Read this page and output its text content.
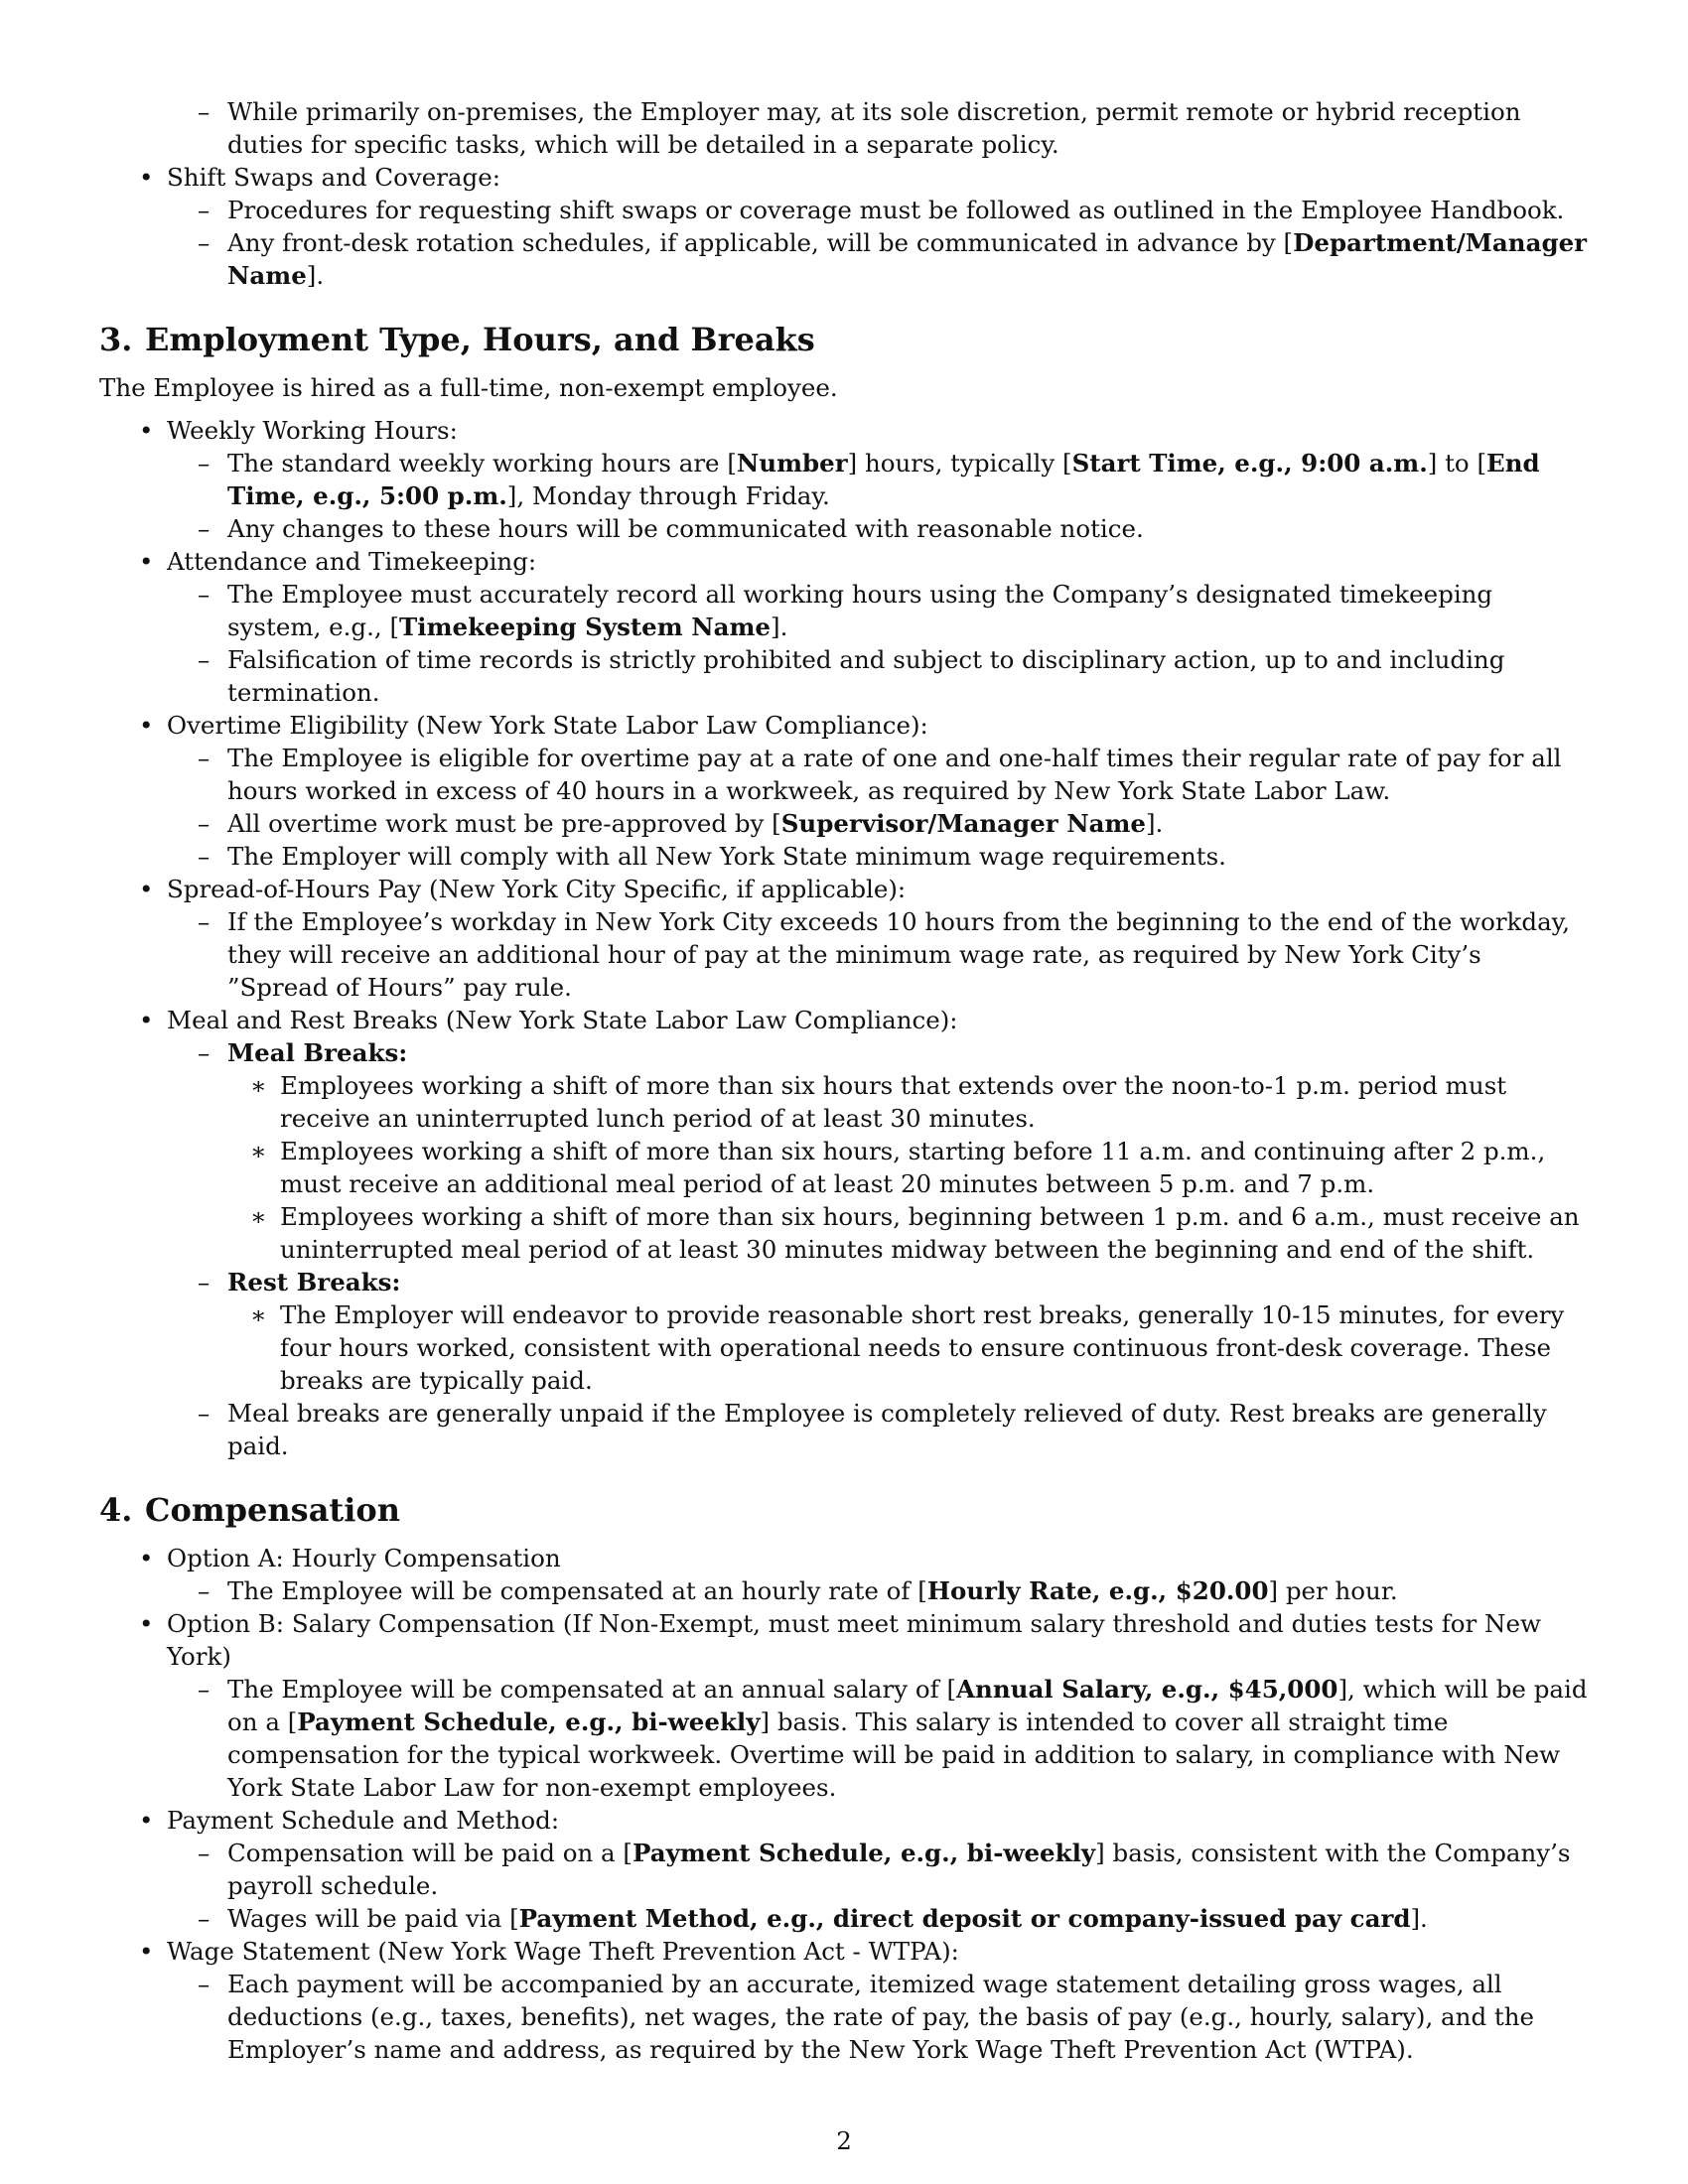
– While primarily on-premises, the Employer may, at its sole discretion, permit remote or hybrid reception duties for specific tasks, which will be detailed in a separate policy.
• Shift Swaps and Coverage:
– Procedures for requesting shift swaps or coverage must be followed as outlined in the Employee Handbook.
– Any front-desk rotation schedules, if applicable, will be communicated in advance by [Department/Manager Name].
3. Employment Type, Hours, and Breaks
The Employee is hired as a full-time, non-exempt employee.
• Weekly Working Hours:
– The standard weekly working hours are [Number] hours, typically [Start Time, e.g., 9:00 a.m.] to [End Time, e.g., 5:00 p.m.], Monday through Friday.
– Any changes to these hours will be communicated with reasonable notice.
• Attendance and Timekeeping:
– The Employee must accurately record all working hours using the Company’s designated timekeeping system, e.g., [Timekeeping System Name].
– Falsification of time records is strictly prohibited and subject to disciplinary action, up to and including termination.
• Overtime Eligibility (New York State Labor Law Compliance):
– The Employee is eligible for overtime pay at a rate of one and one-half times their regular rate of pay for all hours worked in excess of 40 hours in a workweek, as required by New York State Labor Law.
– All overtime work must be pre-approved by [Supervisor/Manager Name].
– The Employer will comply with all New York State minimum wage requirements.
• Spread-of-Hours Pay (New York City Specific, if applicable):
– If the Employee’s workday in New York City exceeds 10 hours from the beginning to the end of the workday, they will receive an additional hour of pay at the minimum wage rate, as required by New York City’s ”Spread of Hours” pay rule.
• Meal and Rest Breaks (New York State Labor Law Compliance):
– Meal Breaks:
∗ Employees working a shift of more than six hours that extends over the noon-to-1 p.m. period must receive an uninterrupted lunch period of at least 30 minutes.
∗ Employees working a shift of more than six hours, starting before 11 a.m. and continuing after 2 p.m., must receive an additional meal period of at least 20 minutes between 5 p.m. and 7 p.m.
∗ Employees working a shift of more than six hours, beginning between 1 p.m. and 6 a.m., must receive an uninterrupted meal period of at least 30 minutes midway between the beginning and end of the shift.
– Rest Breaks:
∗ The Employer will endeavor to provide reasonable short rest breaks, generally 10-15 minutes, for every four hours worked, consistent with operational needs to ensure continuous front-desk coverage. These breaks are typically paid.
– Meal breaks are generally unpaid if the Employee is completely relieved of duty. Rest breaks are generally paid.
4. Compensation
• Option A: Hourly Compensation
– The Employee will be compensated at an hourly rate of [Hourly Rate, e.g., $20.00] per hour.
• Option B: Salary Compensation (If Non-Exempt, must meet minimum salary threshold and duties tests for New York)
– The Employee will be compensated at an annual salary of [Annual Salary, e.g., $45,000], which will be paid on a [Payment Schedule, e.g., bi-weekly] basis. This salary is intended to cover all straight time compensation for the typical workweek. Overtime will be paid in addition to salary, in compliance with New York State Labor Law for non-exempt employees.
• Payment Schedule and Method:
– Compensation will be paid on a [Payment Schedule, e.g., bi-weekly] basis, consistent with the Company’s payroll schedule.
– Wages will be paid via [Payment Method, e.g., direct deposit or company-issued pay card].
• Wage Statement (New York Wage Theft Prevention Act - WTPA):
– Each payment will be accompanied by an accurate, itemized wage statement detailing gross wages, all deductions (e.g., taxes, benefits), net wages, the rate of pay, the basis of pay (e.g., hourly, salary), and the Employer’s name and address, as required by the New York Wage Theft Prevention Act (WTPA).
2
